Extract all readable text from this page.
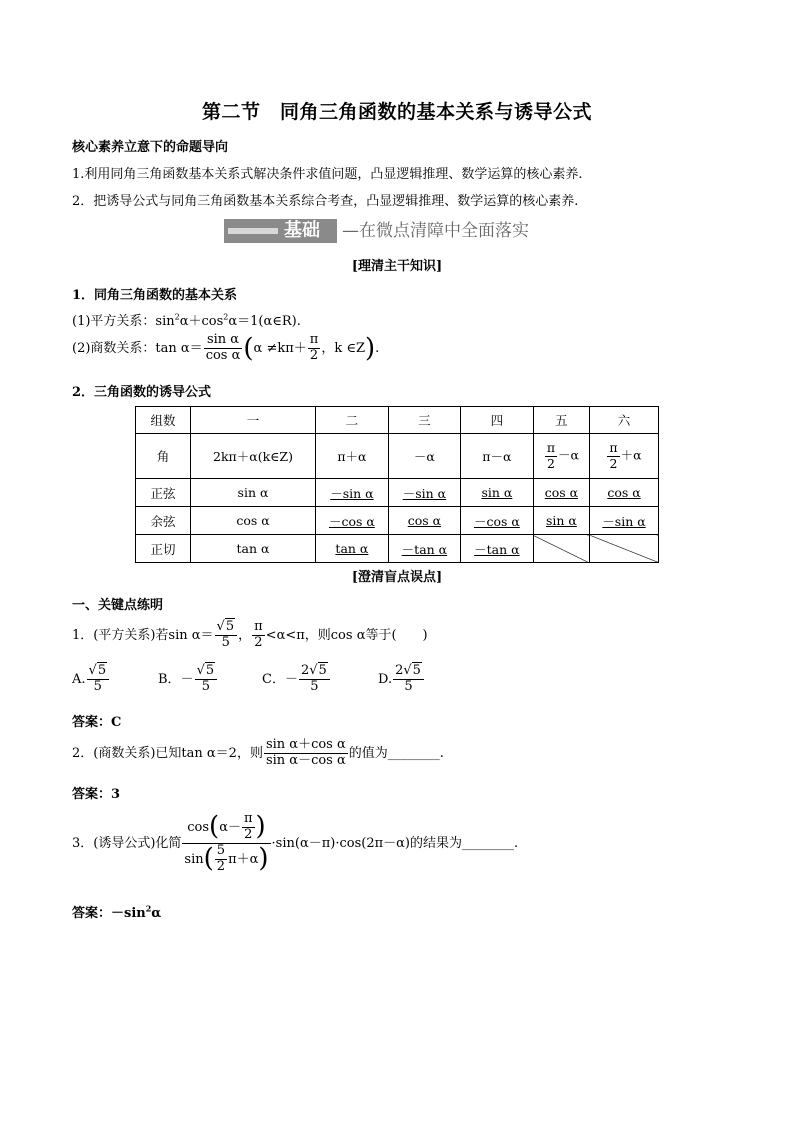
第二节　同角三角函数的基本关系与诱导公式
核心素养立意下的命题导向
1.利用同角三角函数基本关系式解决条件求值问题，凸显逻辑推理、数学运算的核心素养.
2．把诱导公式与同角三角函数基本关系综合考查，凸显逻辑推理、数学运算的核心素养.
基础 —在微点清障中全面落实
[理清主干知识]
1．同角三角函数的基本关系
(1)平方关系：$\sin^2\alpha+\cos^2\alpha=1(\alpha\in R)$.
(2)商数关系：$\tan \alpha= \frac{\text{sin α}}{\text{cos α}} (\alpha \ne k\pi+ \frac{\pi}{2}$ ，k ∈Z).
2．三角函数的诱导公式
组数	一	二	三	四	五	六
角	2kπ＋α(k∈Z)	π＋α	－α	π－α	$\frac{\pi}{2} -\alpha$	$\frac{\pi}{2} +\alpha$
正弦	sin α	－sin α	－sin α	sin α	cos α	cos α
余弦	cos α	－cos α	cos α	－cos α	sin α	－sin α
正切	tan α	tan α	－tan α	－tan α		
[澄清盲点误点]
一、关键点练明
1．(平方关系)若$\sin \alpha= \frac{√5}{5}$ ， $\frac{\pi}{2} <\alpha<\pi$，则cos α等于(　　)
A. $\frac{√5}{5}$	B．－ $\frac{√5}{5}$	C．－ $\frac{2√5}{5}$	D. $\frac{2√5}{5}$
答案：C
2．(商数关系)已知tan α＝2，则 $\frac{\text{sin α＋cos α}}{\text{sin α－cos α}}$ 的值为________.
答案：3
3．(诱导公式)化简 $\frac{\cos(\alpha- \frac{\pi}{2} )}{\sin( \frac{5}{2} \pi+\alpha)} \cdot\sin(\alpha-\pi)\cdot\cos(2\pi-\alpha)$的结果为________.
答案：$-\sin^2\alpha$
